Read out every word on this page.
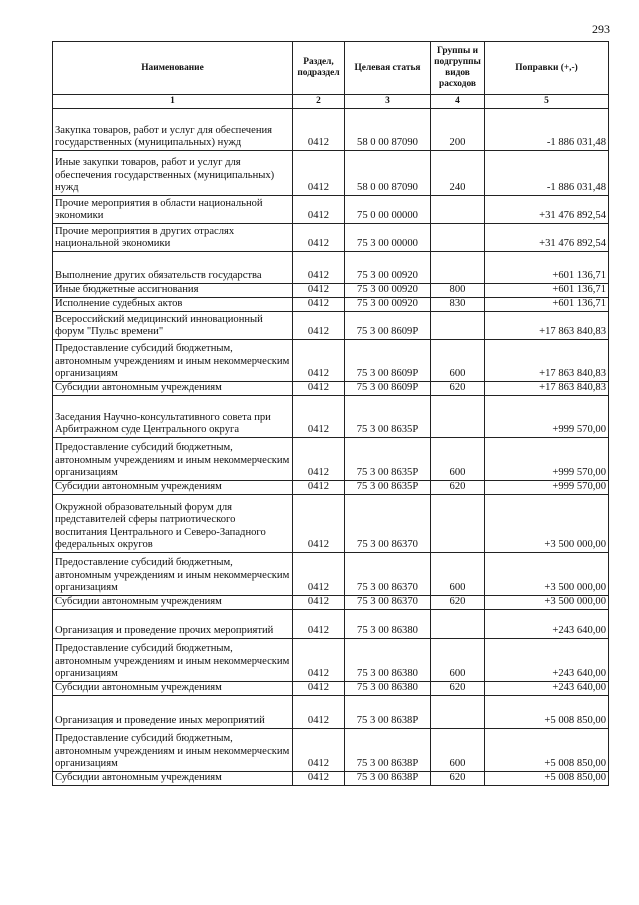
293
Наименование	Раздел, подраздел	Целевая статья	Группы и подгруппы видов расходов	Поправки (+,-)
1	2	3	4	5
Закупка товаров, работ и услуг для обеспечения государственных (муниципальных) нужд	0412	58 0 00 87090	200	-1 886 031,48
Иные закупки товаров, работ и услуг для обеспечения государственных (муниципальных) нужд	0412	58 0 00 87090	240	-1 886 031,48
Прочие мероприятия в области национальной экономики	0412	75 0 00 00000		+31 476 892,54
Прочие мероприятия в других отраслях национальной экономики	0412	75 3 00 00000		+31 476 892,54
Выполнение других обязательств государства	0412	75 3 00 00920		+601 136,71
Иные бюджетные ассигнования	0412	75 3 00 00920	800	+601 136,71
Исполнение судебных актов	0412	75 3 00 00920	830	+601 136,71
Всероссийский медицинский инновационный форум "Пульс времени"	0412	75 3 00 8609Р		+17 863 840,83
Предоставление субсидий бюджетным, автономным учреждениям и иным некоммерческим организациям	0412	75 3 00 8609Р	600	+17 863 840,83
Субсидии автономным учреждениям	0412	75 3 00 8609Р	620	+17 863 840,83
Заседания Научно-консультативного совета при Арбитражном суде Центрального округа	0412	75 3 00 8635Р		+999 570,00
Предоставление субсидий бюджетным, автономным учреждениям и иным некоммерческим организациям	0412	75 3 00 8635Р	600	+999 570,00
Субсидии автономным учреждениям	0412	75 3 00 8635Р	620	+999 570,00
Окружной образовательный форум для представителей сферы патриотического воспитания Центрального и Северо-Западного федеральных округов	0412	75 3 00 86370		+3 500 000,00
Предоставление субсидий бюджетным, автономным учреждениям и иным некоммерческим организациям	0412	75 3 00 86370	600	+3 500 000,00
Субсидии автономным учреждениям	0412	75 3 00 86370	620	+3 500 000,00
Организация и проведение прочих мероприятий	0412	75 3 00 86380		+243 640,00
Предоставление субсидий бюджетным, автономным учреждениям и иным некоммерческим организациям	0412	75 3 00 86380	600	+243 640,00
Субсидии автономным учреждениям	0412	75 3 00 86380	620	+243 640,00
Организация и проведение иных мероприятий	0412	75 3 00 8638Р		+5 008 850,00
Предоставление субсидий бюджетным, автономным учреждениям и иным некоммерческим организациям	0412	75 3 00 8638Р	600	+5 008 850,00
Субсидии автономным учреждениям	0412	75 3 00 8638Р	620	+5 008 850,00
